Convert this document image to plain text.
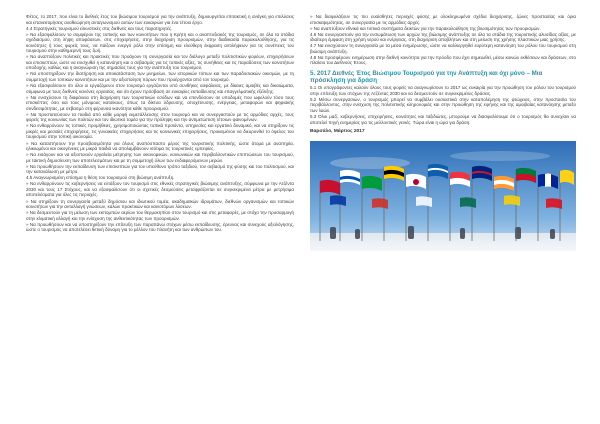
Φέτος, το 2017, που είναι το διεθνές έτος του βιώσιμου τουρισμού για την ανάπτυξη, δημιουργείται επιτακτική η ανάγκη για επιλύσεις και επανεκτιμήσεις αναθεώρηση ανταγωνισμού αυτών των ευκαιριών για ένα τέτοιο έργο.

4.4 Στρατηγικές τουρισμού ελκυστικές στις διεθνείς και τους παρατηρητές.

» Να εξασφαλίσουν το συμφέρον της τοπικής και των κοινοτήτων που η Κρήτη και ο αναπτυξιακός της τουρισμός, σε όλα τα στάδια σχεδιασμού, στη λήψη αποφάσεων, στις επιχειρήσεις, στην διαχείριση προορισμών, στην διαδικασία παρακολούθησης, για τις κοινότητες ή τους φορείς τους, να παίζουν ενεργό ρόλο στην επίσημη και ελεύθερη έκφραση αντιλήψεων για τις συνέπειες του τουρισμού στην καθημερινή τους ζωή.

» Να αναπτύξουν πολιτικές και πρακτικές που προάγουν τη συνεργασία και τον διάλογο μεταξύ πολιτιστικών φορέων, επιχειρήσεων και επισκεπτών, ώστε να ενισχυθεί η κατανόηση και ο σεβασμός για τις τοπικές αξίες, τις συνήθειες και τις παραδόσεις των κοινοτήτων υποδοχής, καθώς και η αναγνώριση της σημασίας τους για την ανάπτυξη του τουρισμού.

» Να υποστηρίξουν την διατήρηση και αποκατάσταση των μνημείων, των ιστορικών τόπων και των παραδοσιακών οικισμών, με τη συμμετοχή των τοπικών κοινοτήτων και με την αξιοποίηση πόρων που προέρχονται από τον τουρισμό.

» Να εξασφαλίσουν ότι όλοι οι εργαζόμενοι στον τουρισμό εργάζονται υπό συνθήκες ασφάλειας, με δίκαιες αμοιβές και δικαιώματα, σύμφωνα με τους διεθνείς κανόνες εργασίας, και ότι έχουν πρόσβαση σε ευκαιρίες εκπαίδευσης και επαγγελματικής εξέλιξης.

» Να ενισχύσουν τη διαφάνεια στη διαχείριση των τουριστικών εσόδων και να επενδύσουν σε υποδομές που ωφελούν τόσο τους επισκέπτες όσο και τους μόνιμους κατοίκους, όπως τα δίκτυα ύδρευσης, αποχέτευσης, ενέργειας, μεταφορών και ψηφιακής συνδεσιμότητας, με σεβασμό στη φέρουσα ικανότητα κάθε προορισμού.

» Να προστατεύσουν τα παιδιά από κάθε μορφή εκμετάλλευσης στον τουρισμό και να συνεργαστούν με τις αρμόδιες αρχές, τους φορείς της κοινωνίας των πολιτών και τον ιδιωτικό τομέα για την πρόληψη και την αντιμετώπιση τέτοιων φαινομένων.

» Να ενθαρρύνουν τις τοπικές προμήθειες, χρησιμοποιώντας τοπικά προϊόντα, υπηρεσίες και εργατικό δυναμικό, και να στηρίξουν τις μικρές και μεσαίες επιχειρήσεις, τις γυναικείες επιχειρήσεις και τις κοινωνικές επιχειρήσεις, προκειμένου να διευρυνθεί το όφελος του τουρισμού στην τοπική οικονομία.

» Να καταστήσουν την προσβασιμότητα για όλους αναπόσπαστο μέρος της τουριστικής πολιτικής, ώστε άτομα με αναπηρία, ηλικιωμένοι και οικογένειες με μικρά παιδιά να απολαμβάνουν ισότιμα τις τουριστικές εμπειρίες.

» Να εισάγουν και να αξιοποιούν εργαλεία μέτρησης των οικονομικών, κοινωνικών και περιβαλλοντικών επιπτώσεων του τουρισμού, με τακτική δημοσίευση των αποτελεσμάτων και με τη συμμετοχή όλων των ενδιαφερόμενων μερών.

» Να προωθήσουν την εκπαίδευση των επισκεπτών για τον υπεύθυνο τρόπο ταξιδιού, τον σεβασμό της φύσης και του πολιτισμού, και την κατανάλωση με μέτρο.

4.5 Αναγνωρισμένη επίσημα η θέση του τουρισμού στη βιώσιμη ανάπτυξη.

» Να ενθαρρύνουν τις κυβερνήσεις να εντάξουν τον τουρισμό στις εθνικές στρατηγικές βιώσιμης ανάπτυξης, σύμφωνα με την Ατζέντα 2030 και τους 17 Στόχους, και να εξασφαλίσουν ότι οι σχετικές δεσμεύσεις μεταφράζονται σε συγκεκριμένα μέτρα με μετρήσιμα αποτελέσματα για όλες τις περιοχές.

» Να στηρίξουν τη συνεργασία μεταξύ δημόσιου και ιδιωτικού τομέα, ακαδημαϊκών ιδρυμάτων, διεθνών οργανισμών και τοπικών κοινοτήτων για την ανταλλαγή γνώσεων, καλών πρακτικών και καινοτόμων λύσεων.

» Να δεσμευτούν για τη μείωση των εκπομπών αερίων του θερμοκηπίου στον τουρισμό και στις μεταφορές, με στόχο την προσαρμογή στην κλιματική αλλαγή και την ενίσχυση της ανθεκτικότητας των προορισμών.

» Να προωθήσουν και να υποστηρίξουν την επίτευξη των παραπάνω στόχων μέσω εκπαίδευσης, έρευνας και συνεχούς αξιολόγησης, ώστε ο τουρισμός να αποτελέσει θετική δύναμη για το μέλλον του πλανήτη και των ανθρώπων του.

» Να διαφυλάξουν τις πιο ευαίσθητες περιοχές φύσης με ολοκληρωμένα σχέδια διαχείρισης, ζώνες προστασίας και όρια επισκεψιμότητας, σε συνεργασία με τις αρμόδιες αρχές.

» Να αναπτύξουν εθνικά και τοπικά συστήματα δεικτών για την παρακολούθηση της βιωσιμότητας των προορισμών.

4.6 Να συνεργαστούν για την ενσωμάτωση των αρχών της βιώσιμης ανάπτυξης σε όλα τα στάδια της τουριστικής αλυσίδας αξίας, με ιδιαίτερη έμφαση στη χρήση νερού και ενέργειας, στη διαχείριση αποβλήτων και στη μείωση της χρήσης πλαστικών μιας χρήσης.

4.7 Να ενισχύσουν τη συνεργασία με τα μέσα ενημέρωσης, ώστε να καλλιεργηθεί ευρύτερη κατανόηση του ρόλου του τουρισμού στη βιώσιμη ανάπτυξη.

4.8 Να προσφέρουν ενημέρωση στην διεθνή κοινότητα για την πρόοδο που έχει σημειωθεί, μέσω κοινών εκθέσεων και δράσεων, στο πλαίσιο του Διεθνούς Έτους.

5. 2017 Διεθνές Έτος Βιώσιμου Τουρισμού για την Ανάπτυξη και όχι μόνο – Μια πρόσκληση για δράση

5.1 Οι υπογράφοντες καλούν όλους τους φορείς να αναγνωρίσουν το 2017 ως ευκαιρία για την προώθηση του ρόλου του τουρισμού στην επίτευξη των στόχων της Ατζέντας 2030 και να δεσμευτούν σε συγκεκριμένες δράσεις.

5.2 Μέσω συνεργασιών, ο τουρισμός μπορεί να συμβάλει ουσιαστικά στην καταπολέμηση της φτώχειας, στην προστασία του περιβάλλοντος, στην ενίσχυση της πολιτιστικής κληρονομιάς και στην προώθηση της ειρήνης και της αμοιβαίας κατανόησης μεταξύ των λαών.

5.3 Όλοι μαζί, κυβερνήσεις, επιχειρήσεις, κοινότητες και ταξιδιώτες, μπορούμε να διασφαλίσουμε ότι ο τουρισμός θα συνεχίσει να αποτελεί πηγή ευημερίας για τις μελλοντικές γενιές. Τώρα είναι η ώρα για δράση.

Βαρσάλο, Μάρτιος 2017
